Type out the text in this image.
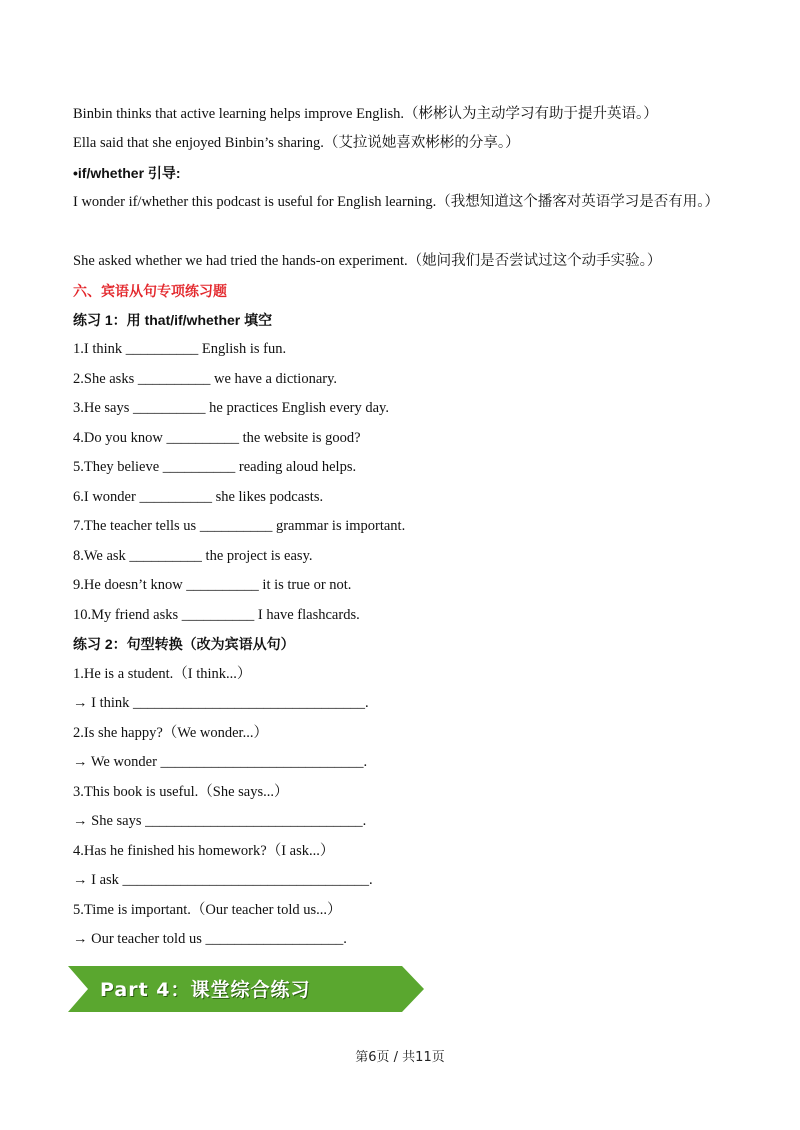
Binbin thinks that active learning helps improve English.（彬彬认为主动学习有助于提升英语。）
Ella said that she enjoyed Binbin’s sharing.（艾拉说她喜欢彬彬的分享。）
•if/whether 引导:
I wonder if/whether this podcast is useful for English learning.（我想知道这个播客对英语学习是否有用。）
She asked whether we had tried the hands-on experiment.（她问我们是否尝试过这个动手实验。）
六、宾语从句专项练习题
练习 1：用 that/if/whether 填空
1.I think __________ English is fun.
2.She asks __________ we have a dictionary.
3.He says __________ he practices English every day.
4.Do you know __________ the website is good?
5.They believe __________ reading aloud helps.
6.I wonder __________ she likes podcasts.
7.The teacher tells us __________ grammar is important.
8.We ask __________ the project is easy.
9.He doesn’t know __________ it is true or not.
10.My friend asks __________ I have flashcards.
练习 2：句型转换（改为宾语从句）
1.He is a student.（I think...）
→ I think ________________________________.
2.Is she happy?（We wonder...）
→ We wonder ____________________________.
3.This book is useful.（She says...）
→ She says ______________________________.
4.Has he finished his homework?（I ask...）
→ I ask __________________________________.
5.Time is important.（Our teacher told us...）
→ Our teacher told us ___________________.
Part 4：课堂综合练习
第6页 / 共11页
